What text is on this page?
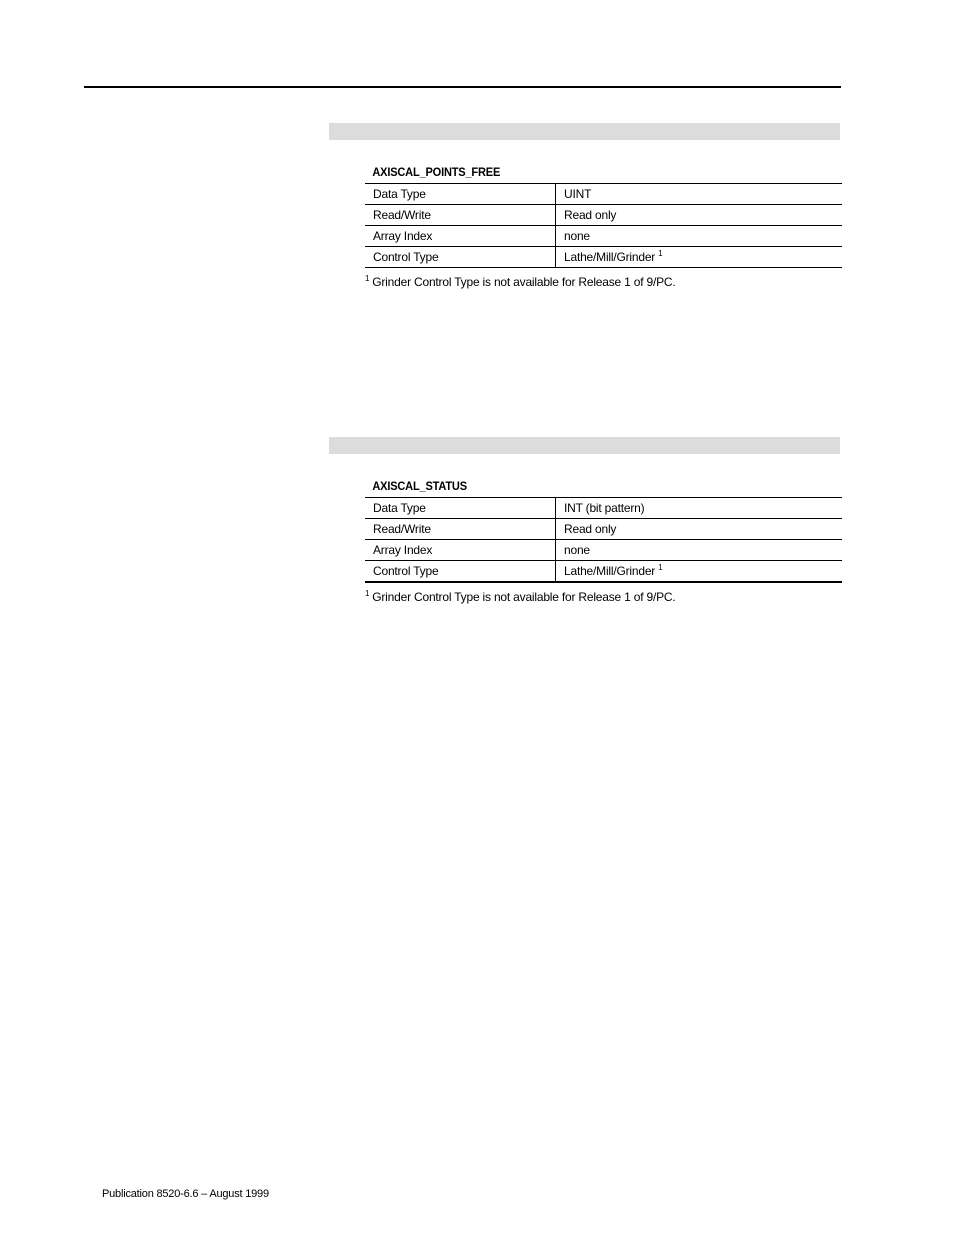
AXISCAL_POINTS_FREE
Data Type	UINT
Read/Write	Read only
Array Index	none
Control Type	Lathe/Mill/Grinder $^1$
$^1$ Grinder Control Type is not available for Release 1 of 9/PC.
AXISCAL_STATUS
Data Type	INT (bit pattern)
Read/Write	Read only
Array Index	none
Control Type	Lathe/Mill/Grinder $^1$
$^1$ Grinder Control Type is not available for Release 1 of 9/PC.
Publication 8520-6.6 – August 1999
